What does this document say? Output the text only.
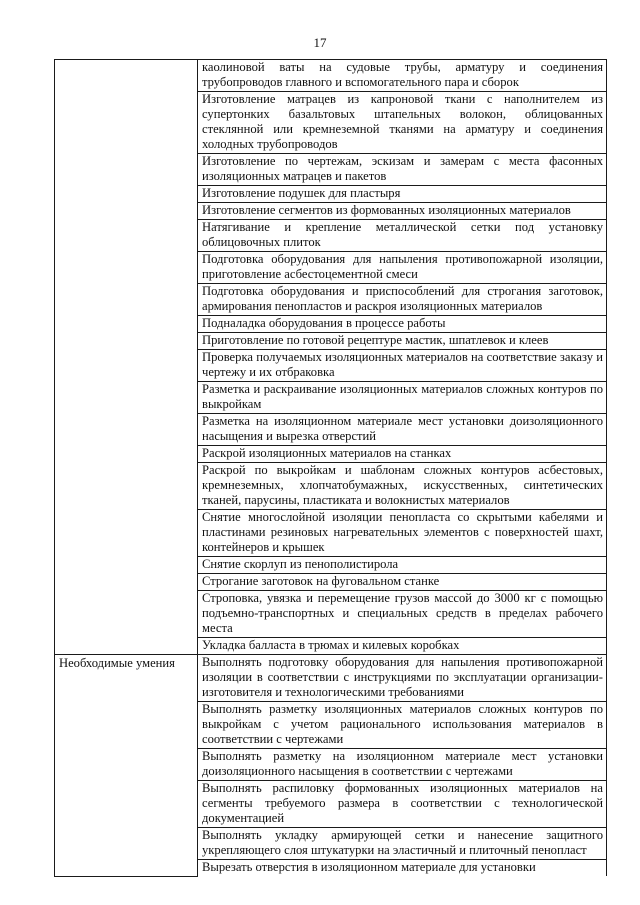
17
	каолиновой ваты на судовые трубы, арматуру и соединения трубопроводов главного и вспомогательного пара и сборок
	Изготовление матрацев из капроновой ткани с наполнителем из супертонких базальтовых штапельных волокон, облицованных стеклянной или кремнеземной тканями на арматуру и соединения холодных трубопроводов
	Изготовление по чертежам, эскизам и замерам с места фасонных изоляционных матрацев и пакетов
	Изготовление подушек для пластыря
	Изготовление сегментов из формованных изоляционных материалов
	Натягивание и крепление металлической сетки под установку облицовочных плиток
	Подготовка оборудования для напыления противопожарной изоляции, приготовление асбестоцементной смеси
	Подготовка оборудования и приспособлений для строгания заготовок, армирования пенопластов и раскроя изоляционных материалов
	Подналадка оборудования в процессе работы
	Приготовление по готовой рецептуре мастик, шпатлевок и клеев
	Проверка получаемых изоляционных материалов на соответствие заказу и чертежу и их отбраковка
	Разметка и раскраивание изоляционных материалов сложных контуров по выкройкам
	Разметка на изоляционном материале мест установки доизоляционного насыщения и вырезка отверстий
	Раскрой изоляционных материалов на станках
	Раскрой по выкройкам и шаблонам сложных контуров асбестовых, кремнеземных, хлопчатобумажных, искусственных, синтетических тканей, парусины, пластиката и волокнистых материалов
	Снятие многослойной изоляции пенопласта со скрытыми кабелями и пластинами резиновых нагревательных элементов с поверхностей шахт, контейнеров и крышек
	Снятие скорлуп из пенополистирола
	Строгание заготовок на фуговальном станке
	Строповка, увязка и перемещение грузов массой до 3000 кг с помощью подъемно-транспортных и специальных средств в пределах рабочего места
	Укладка балласта в трюмах и килевых коробках
Необходимые умения	Выполнять подготовку оборудования для напыления противопожарной изоляции в соответствии с инструкциями по эксплуатации организации-изготовителя и технологическими требованиями
	Выполнять разметку изоляционных материалов сложных контуров по выкройкам с учетом рационального использования материалов в соответствии с чертежами
	Выполнять разметку на изоляционном материале мест установки доизоляционного насыщения в соответствии с чертежами
	Выполнять распиловку формованных изоляционных материалов на сегменты требуемого размера в соответствии с технологической документацией
	Выполнять укладку армирующей сетки и нанесение защитного укрепляющего слоя штукатурки на эластичный и плиточный пенопласт
	Вырезать отверстия в изоляционном материале для установки
